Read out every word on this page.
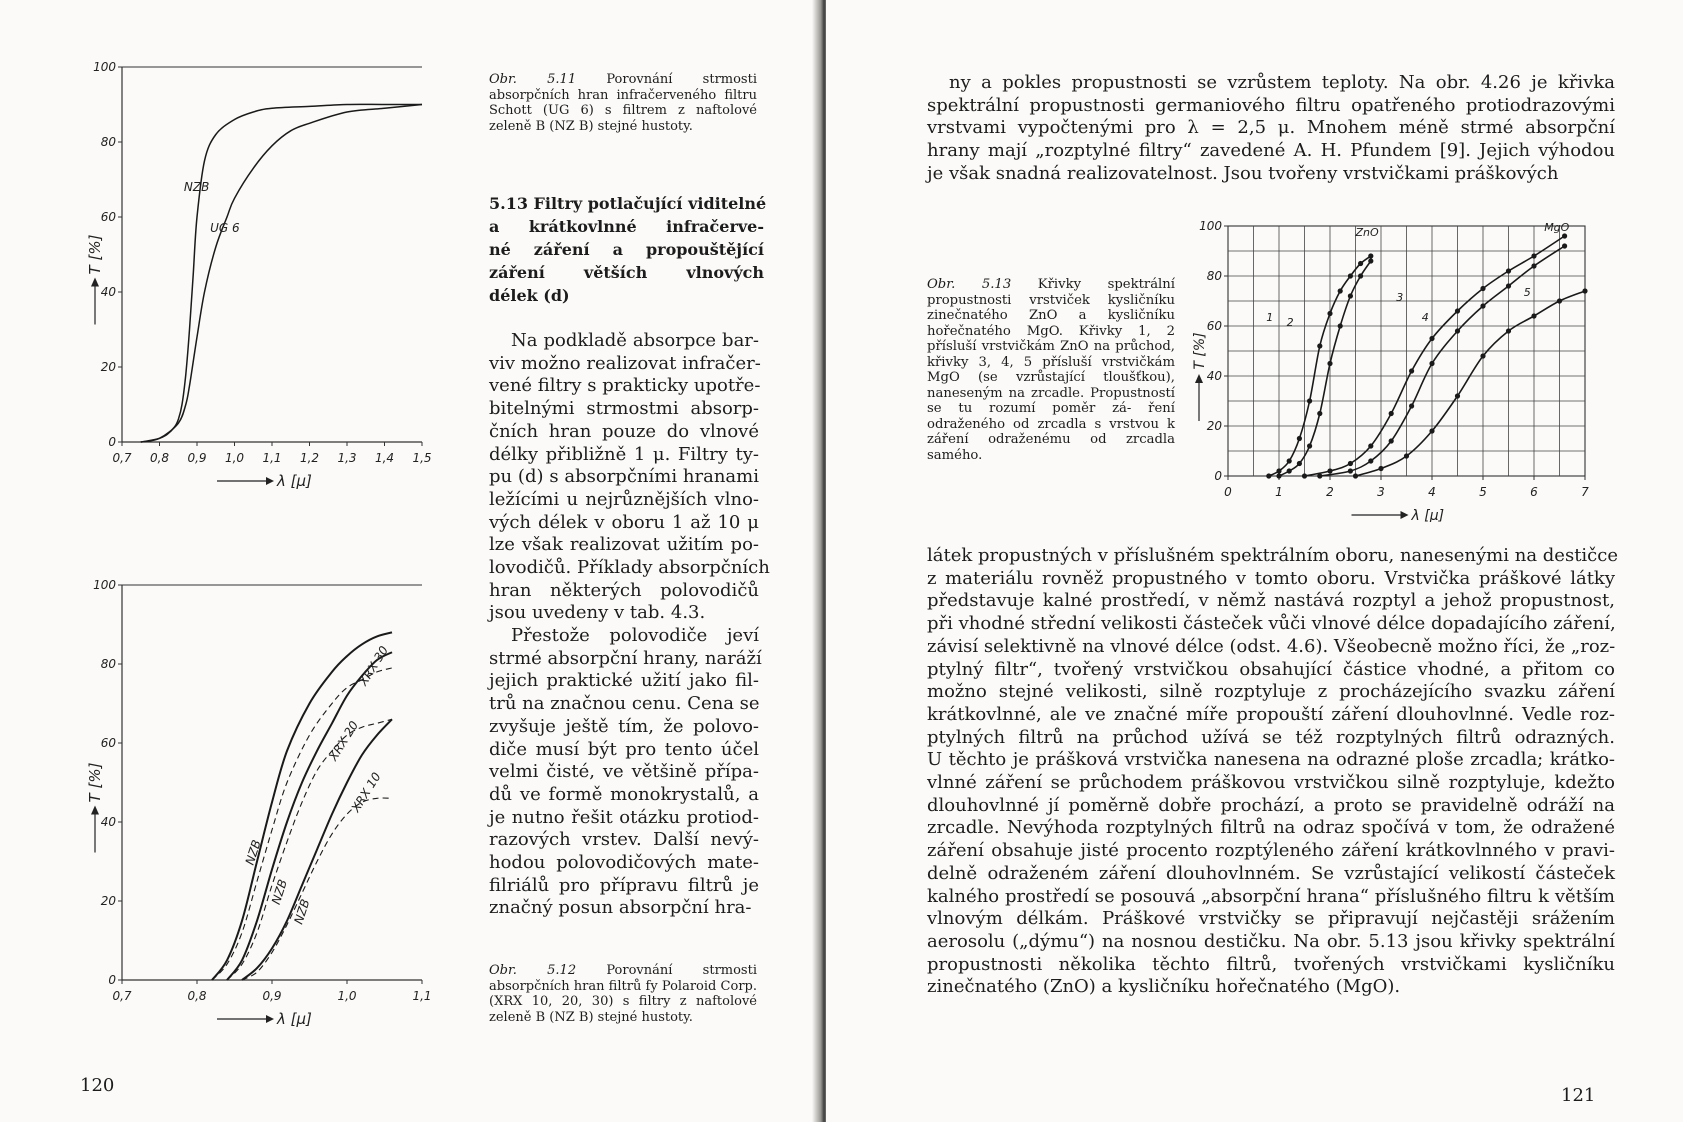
0
20
40
60
80
100
0,7 0,8 0,9 1,0 1,1 1,2 1,3 1,4 1,5
λ [μ]
T [%]
NZB
UG 6
Obr. 5.11 Porovnání strmosti absorpčních hran infračerveného filtru Schott (UG 6) s filtrem z naftolové zeleně B (NZ B) stejné hustoty.
5.13 Filtry potlačující viditelné
a krátkovlnné infračerve-
né záření a propouštějící
záření větších vlnových
délek (d)
Na podkladě absorpce bar-
viv možno realizovat infračer-
vené filtry s prakticky upotře-
bitelnými strmostmi absorp-
čních hran pouze do vlnové
délky přibližně 1 μ. Filtry ty-
pu (d) s absorpčními hranami
ležícími u nejrůznějších vlno-
vých délek v oboru 1 až 10 μ
lze však realizovat užitím po-
lovodičů. Příklady absorpčních
hran některých polovodičů
jsou uvedeny v tab. 4.3.
Přestože polovodiče jeví
strmé absorpční hrany, naráží
jejich praktické užití jako fil-
trů na značnou cenu. Cena se
zvyšuje ještě tím, že polovo-
diče musí být pro tento účel
velmi čisté, ve většině přípa-
dů ve formě monokrystalů, a
je nutno řešit otázku protiod-
razových vrstev. Další nevý-
hodou polovodičových mate-
filriálů pro přípravu filtrů je
značný posun absorpční hra-
0
20
40
60
80
100
0,7	0,8	0,9	1,0	1,1
λ [μ]
T [%]
XRX 30
XRX 20
XRX 10
NZB
NZB
NZB
Obr. 5.12 Porovnání strmosti absorpčních hran filtrů fy Polaroid Corp. (XRX 10, 20, 30) s filtry z naftolové zeleně B (NZ B) stejné hustoty.
120
ny a pokles propustnosti se vzrůstem teploty. Na obr. 4.26 je křivka
spektrální propustnosti germaniového filtru opatřeného protiodrazovými
vrstvami vypočtenými pro λ = 2,5 μ. Mnohem méně strmé absorpční
hrany mají „rozptylné filtry“ zavedené A. H. Pfundem [9]. Jejich výhodou
je však snadná realizovatelnost. Jsou tvořeny vrstvičkami práškových
Obr. 5.13 Křivky spektrální propustnosti vrstviček kysličníku zinečnatého ZnO a kysličníku hořečnatého MgO. Křivky 1, 2 přísluší vrstvičkám ZnO na průchod, křivky 3, 4, 5 přísluší vrstvičkám MgO (se vzrůstající tloušťkou), naneseným na zrcadle. Propustností se tu rozumí poměr zá- ření odraženého od zrcadla s vrstvou k záření odraženému od zrcadla samého.
0
20
40
60
80
100
0	1	2	3	4	5	6	7
λ [μ]
T [%]
ZnO	MgO
1 2
3
4
5
látek propustných v příslušném spektrálním oboru, nanesenými na destičce
z materiálu rovněž propustného v tomto oboru. Vrstvička práškové látky
představuje kalné prostředí, v němž nastává rozptyl a jehož propustnost,
při vhodné střední velikosti částeček vůči vlnové délce dopadajícího záření,
závisí selektivně na vlnové délce (odst. 4.6). Všeobecně možno říci, že „roz-
ptylný filtr“, tvořený vrstvičkou obsahující částice vhodné, a přitom co
možno stejné velikosti, silně rozptyluje z procházejícího svazku záření
krátkovlnné, ale ve značné míře propouští záření dlouhovlnné. Vedle roz-
ptylných filtrů na průchod užívá se též rozptylných filtrů odrazných.
U těchto je prášková vrstvička nanesena na odrazné ploše zrcadla; krátko-
vlnné záření se průchodem práškovou vrstvičkou silně rozptyluje, kdežto
dlouhovlnné jí poměrně dobře prochází, a proto se pravidelně odráží na
zrcadle. Nevýhoda rozptylných filtrů na odraz spočívá v tom, že odražené
záření obsahuje jisté procento rozptýleného záření krátkovlnného v pravi-
delně odraženém záření dlouhovlnném. Se vzrůstající velikostí částeček
kalného prostředí se posouvá „absorpční hrana“ příslušného filtru k větším
vlnovým délkám. Práškové vrstvičky se připravují nejčastěji srážením
aerosolu („dýmu“) na nosnou destičku. Na obr. 5.13 jsou křivky spektrální
propustnosti několika těchto filtrů, tvořených vrstvičkami kysličníku
zinečnatého (ZnO) a kysličníku hořečnatého (MgO).
121
